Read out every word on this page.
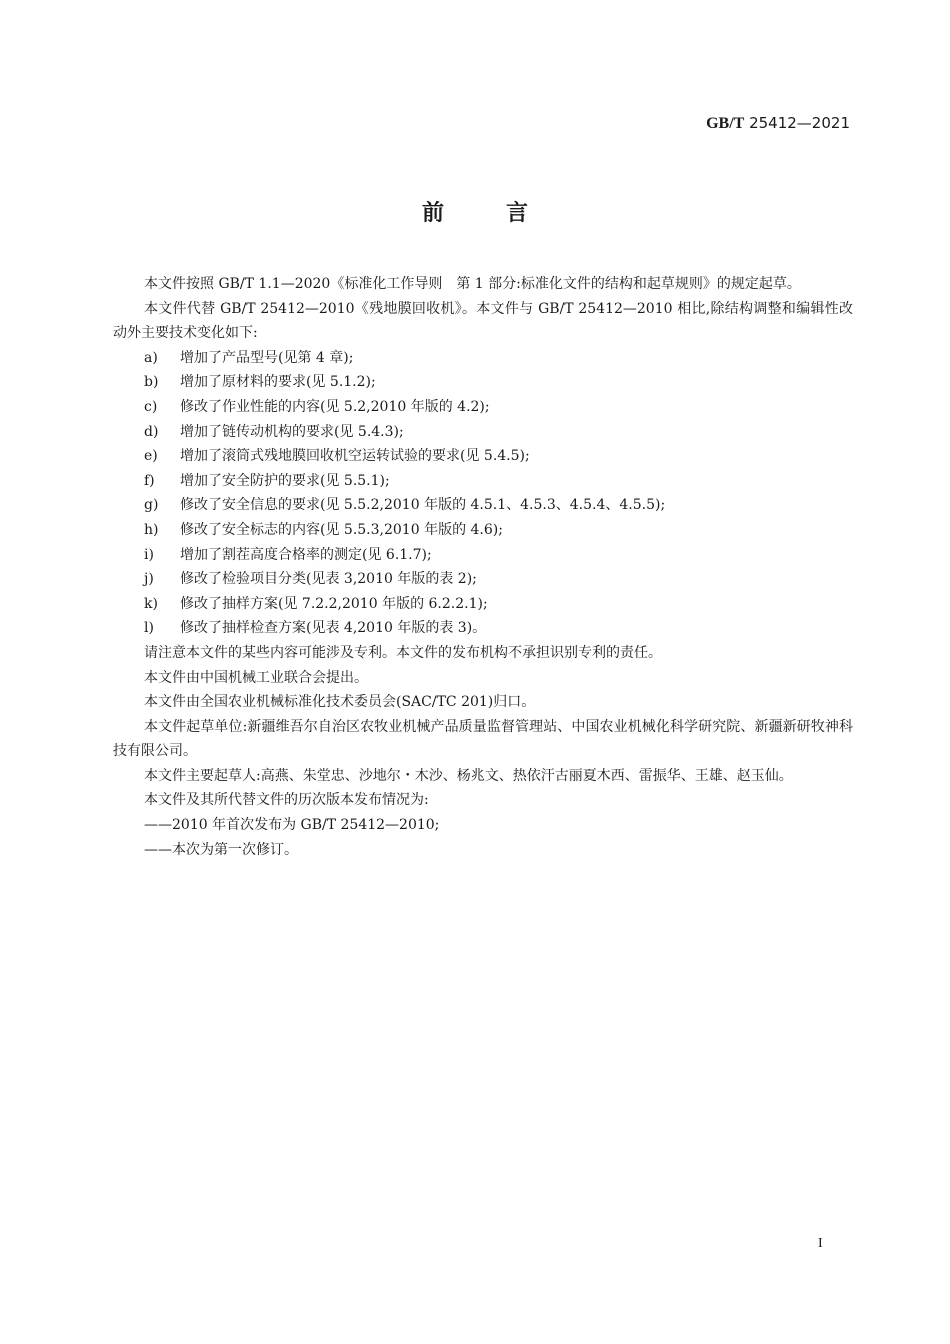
GB/T 25412—2021
前	言

本文件按照 GB/T 1.1—2020《标准化工作导则　第 1 部分:标准化文件的结构和起草规则》的规定起草。

本文件代替 GB/T 25412—2010《残地膜回收机》。本文件与 GB/T 25412—2010 相比,除结构调整和编辑性改动外主要技术变化如下:

a)	增加了产品型号(见第 4 章);
b)	增加了原材料的要求(见 5.1.2);
c)	修改了作业性能的内容(见 5.2,2010 年版的 4.2);
d)	增加了链传动机构的要求(见 5.4.3);
e)	增加了滚筒式残地膜回收机空运转试验的要求(见 5.4.5);
f)	增加了安全防护的要求(见 5.5.1);
g)	修改了安全信息的要求(见 5.5.2,2010 年版的 4.5.1、4.5.3、4.5.4、4.5.5);
h)	修改了安全标志的内容(见 5.5.3,2010 年版的 4.6);
i)	增加了割茬高度合格率的测定(见 6.1.7);
j)	修改了检验项目分类(见表 3,2010 年版的表 2);
k)	修改了抽样方案(见 7.2.2,2010 年版的 6.2.2.1);
l)	修改了抽样检查方案(见表 4,2010 年版的表 3)。

请注意本文件的某些内容可能涉及专利。本文件的发布机构不承担识别专利的责任。

本文件由中国机械工业联合会提出。

本文件由全国农业机械标准化技术委员会(SAC/TC 201)归口。

本文件起草单位:新疆维吾尔自治区农牧业机械产品质量监督管理站、中国农业机械化科学研究院、新疆新研牧神科技有限公司。

本文件主要起草人:高燕、朱堂忠、沙地尔・木沙、杨兆文、热依汗古丽夏木西、雷振华、王雄、赵玉仙。

本文件及其所代替文件的历次版本发布情况为:

——2010 年首次发布为 GB/T 25412—2010;

——本次为第一次修订。

I
